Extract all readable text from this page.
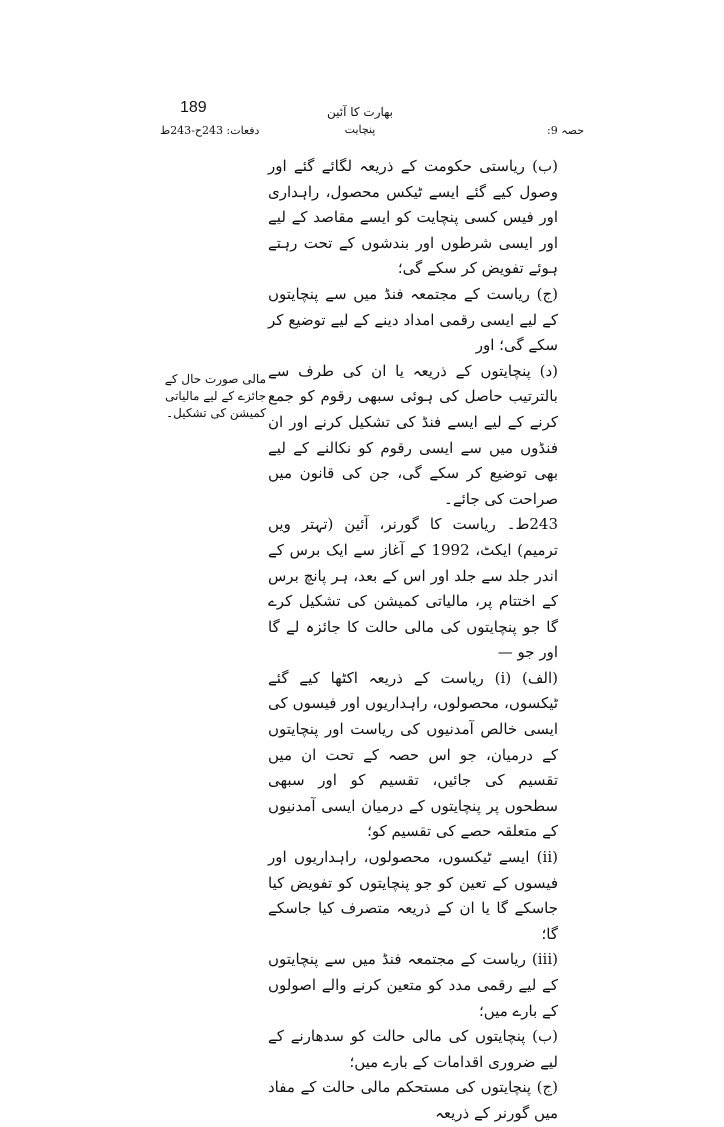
189	بھارت کا آئین
پنچایت	حصہ 9:
دفعات: 243ح-243ط
مالی صورت حال کے جائزے کے لیے مالیاتی کمیشن کی تشکیل۔

(ب) ریاستی حکومت کے ذریعہ لگائے گئے اور وصول کیے گئے ایسے ٹیکس محصول، راہداری اور فیس کسی پنچایت کو ایسے مقاصد کے لیے اور ایسی شرطوں اور بندشوں کے تحت رہتے ہوئے تفویض کر سکے گی؛

(ج) ریاست کے مجتمعہ فنڈ میں سے پنچایتوں کے لیے ایسی رقمی امداد دینے کے لیے توضیع کر سکے گی؛ اور

(د) پنچایتوں کے ذریعہ یا ان کی طرف سے بالترتیب حاصل کی ہوئی سبھی رقوم کو جمع کرنے کے لیے ایسے فنڈ کی تشکیل کرنے اور ان فنڈوں میں سے ایسی رقوم کو نکالنے کے لیے بھی توضیع کر سکے گی، جن کی قانون میں صراحت کی جائے۔

243ط۔ ریاست کا گورنر، آئین (تہتر ویں ترمیم) ایکٹ، 1992 کے آغاز سے ایک برس کے اندر جلد سے جلد اور اس کے بعد، ہر پانچ برس کے اختتام پر، مالیاتی کمیشن کی تشکیل کرے گا جو پنچایتوں کی مالی حالت کا جائزہ لے گا اور جو —

(الف) (i) ریاست کے ذریعہ اکٹھا کیے گئے ٹیکسوں، محصولوں، راہداریوں اور فیسوں کی ایسی خالص آمدنیوں کی ریاست اور پنچایتوں کے درمیان، جو اس حصہ کے تحت ان میں تقسیم کی جائیں، تقسیم کو اور سبھی سطحوں پر پنچایتوں کے درمیان ایسی آمدنیوں کے متعلقہ حصے کی تقسیم کو؛

(ii) ایسے ٹیکسوں، محصولوں، راہداریوں اور فیسوں کے تعین کو جو پنچایتوں کو تفویض کیا جاسکے گا یا ان کے ذریعہ متصرف کیا جاسکے گا؛

(iii) ریاست کے مجتمعہ فنڈ میں سے پنچایتوں کے لیے رقمی مدد کو متعین کرنے والے اصولوں کے بارے میں؛

(ب) پنچایتوں کی مالی حالت کو سدھارنے کے لیے ضروری اقدامات کے بارے میں؛

(ج) پنچایتوں کی مستحکم مالی حالت کے مفاد میں گورنر کے ذریعہ
